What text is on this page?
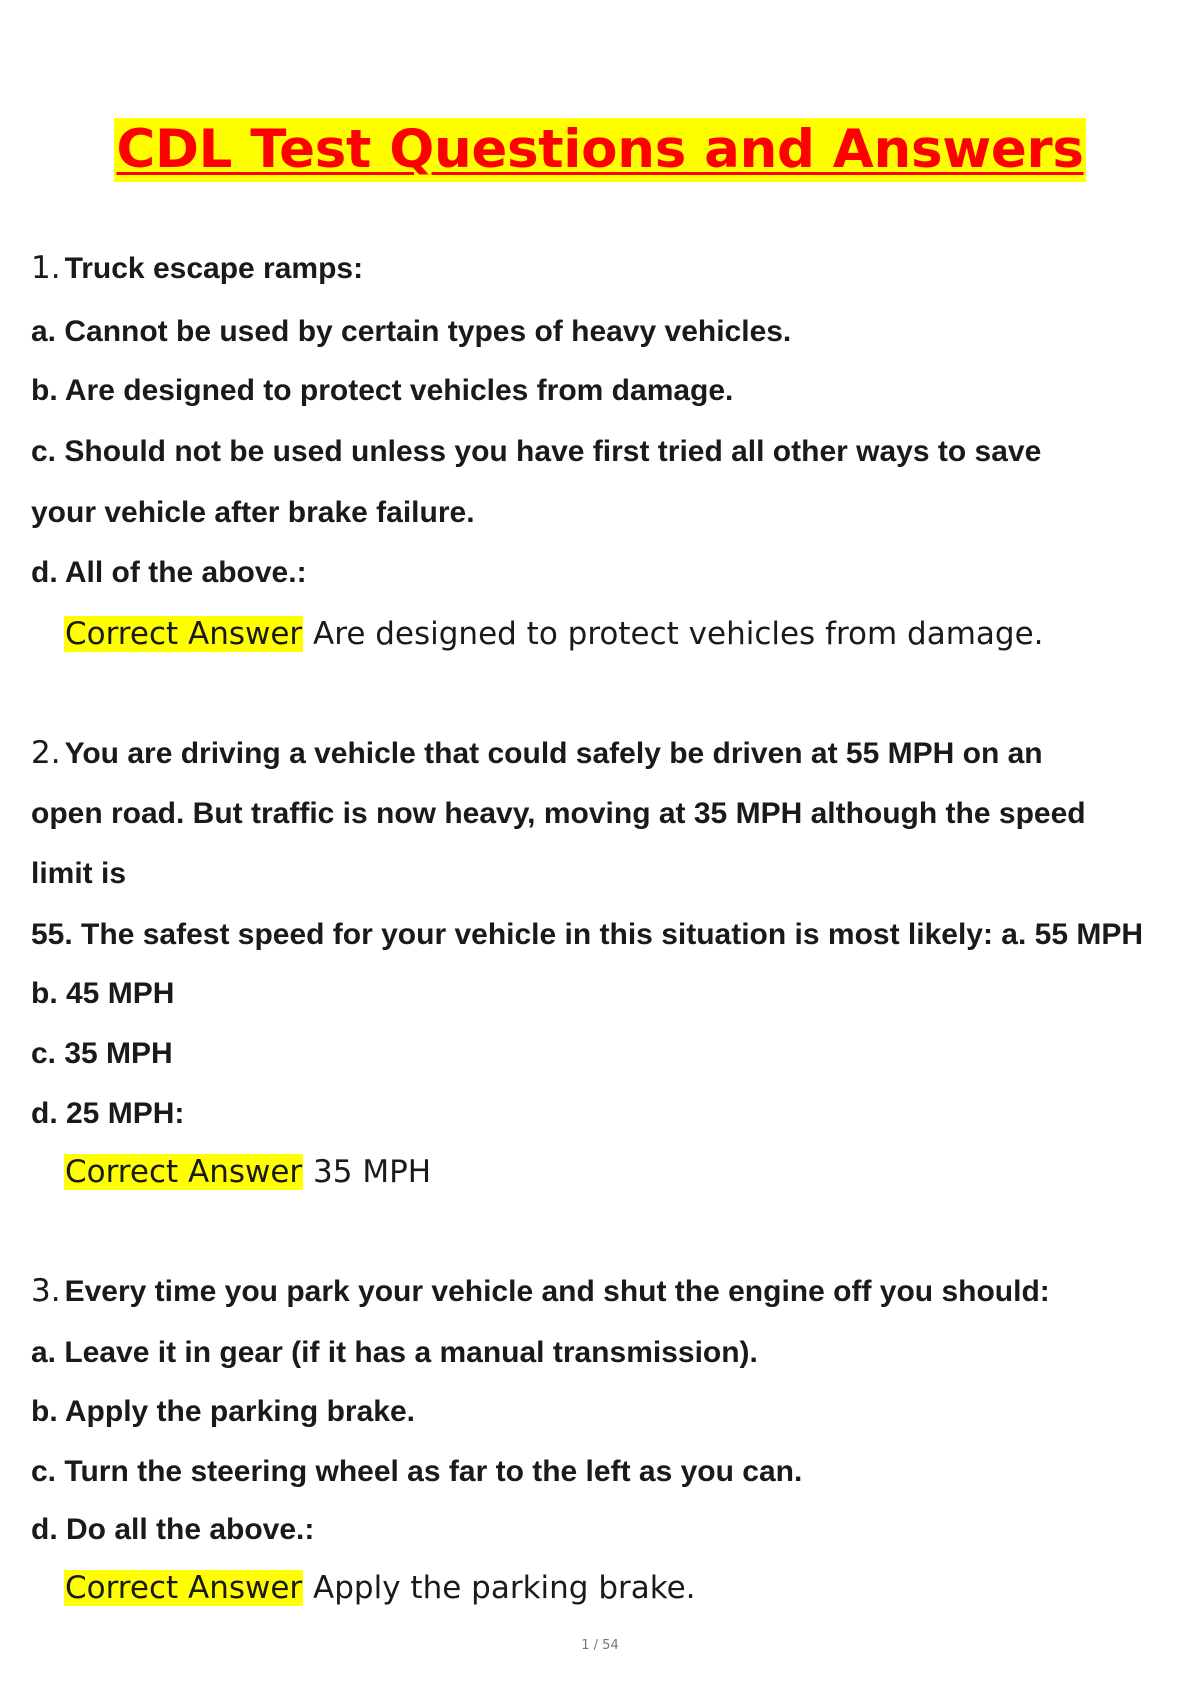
CDL Test Questions and Answers
1. Truck escape ramps:
a. Cannot be used by certain types of heavy vehicles.
b. Are designed to protect vehicles from damage.
c. Should not be used unless you have first tried all other ways to save
your vehicle after brake failure.
d. All of the above.:
Correct Answer Are designed to protect vehicles from damage.
2. You are driving a vehicle that could safely be driven at 55 MPH on an
open road. But traffic is now heavy, moving at 35 MPH although the speed
limit is
55. The safest speed for your vehicle in this situation is most likely: a. 55 MPH
b. 45 MPH
c. 35 MPH
d. 25 MPH:
Correct Answer 35 MPH
3. Every time you park your vehicle and shut the engine off you should:
a. Leave it in gear (if it has a manual transmission).
b. Apply the parking brake.
c. Turn the steering wheel as far to the left as you can.
d. Do all the above.:
Correct Answer Apply the parking brake.
1 / 54
